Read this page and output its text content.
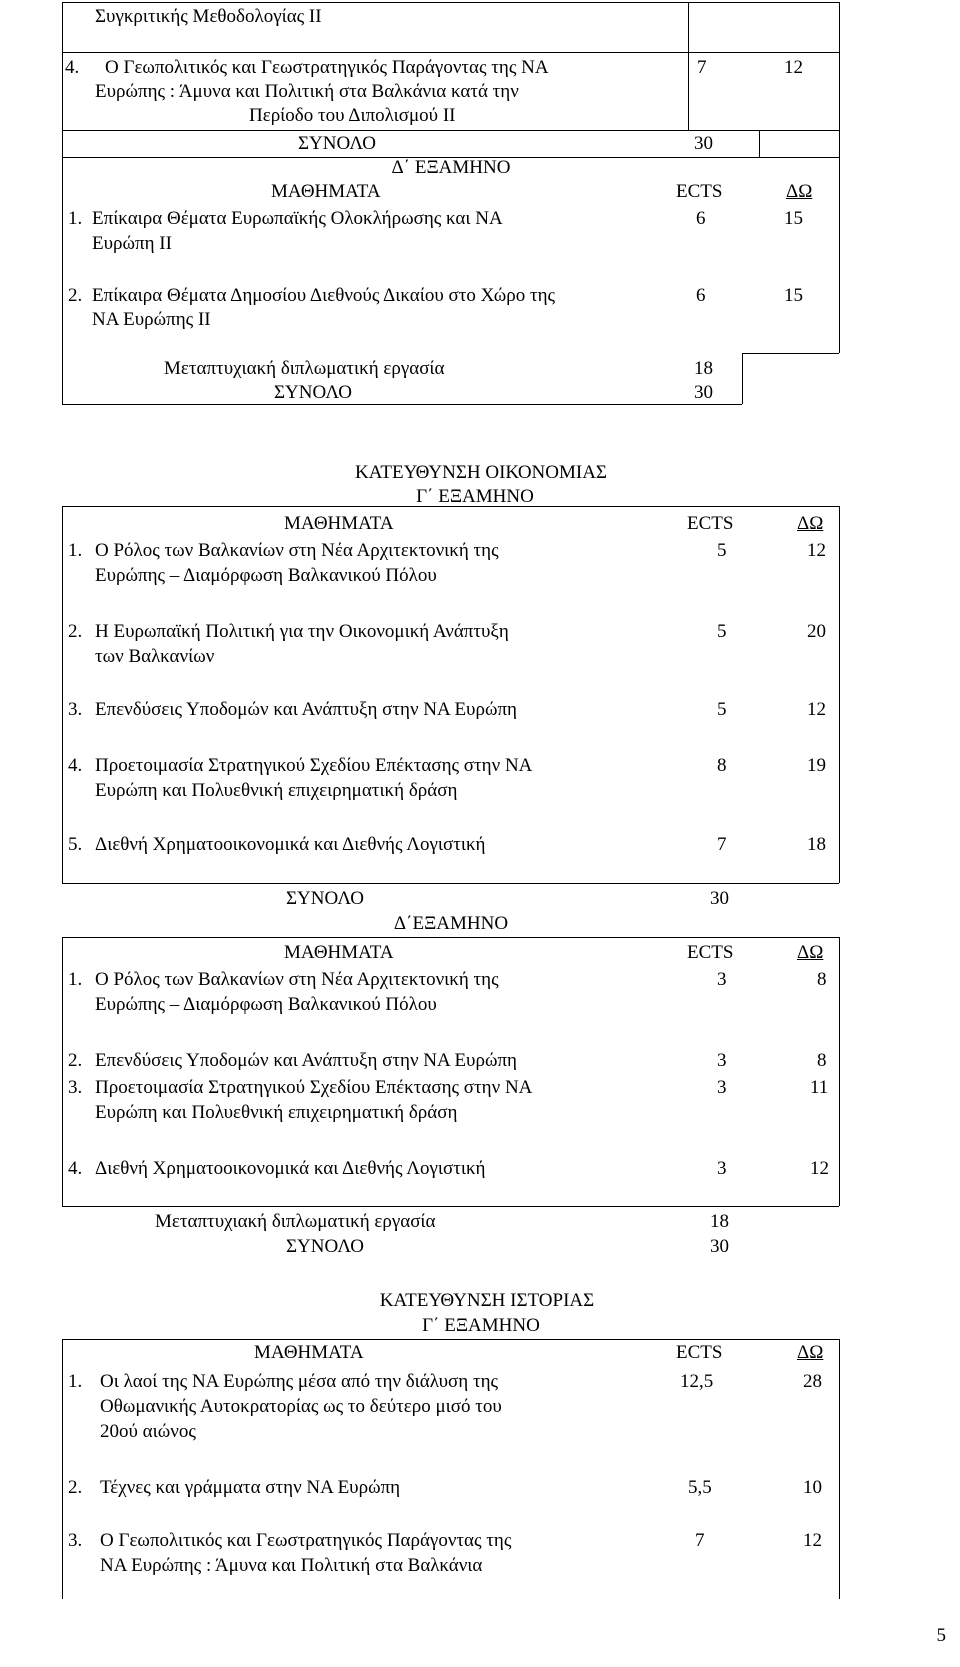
Συγκριτικής Μεθοδολογίας ΙΙ
4. Ο Γεωπολιτικός και Γεωστρατηγικός Παράγοντας της ΝΑ
Ευρώπης : Άμυνα και Πολιτική στα Βαλκάνια κατά την
Περίοδο του Διπολισμού ΙΙ
7	12
ΣΥΝΟΛΟ	30
Δ΄ ΕΞΑΜΗΝΟ
ΜΑΘΗΜΑΤΑ	ECTS	ΔΩ
1. Επίκαιρα Θέματα Ευρωπαϊκής Ολοκλήρωσης και ΝΑ
Ευρώπη ΙΙ
6	15
2. Επίκαιρα Θέματα Δημοσίου Διεθνούς Δικαίου στο Χώρο της
ΝΑ Ευρώπης ΙΙ
6	15
Μεταπτυχιακή διπλωματική εργασία	18
ΣΥΝΟΛΟ	30
ΚΑΤΕΥΘΥΝΣΗ ΟΙΚΟΝΟΜΙΑΣ
Γ΄ ΕΞΑΜΗΝΟ
ΜΑΘΗΜΑΤΑ	ECTS	ΔΩ
1. Ο Ρόλος των Βαλκανίων στη Νέα Αρχιτεκτονική της
Ευρώπης – Διαμόρφωση Βαλκανικού Πόλου
5	12
2. Η Ευρωπαϊκή Πολιτική για την Οικονομική Ανάπτυξη
των Βαλκανίων
5	20
3. Επενδύσεις Υποδομών και Ανάπτυξη στην ΝΑ Ευρώπη	5	12
4. Προετοιμασία Στρατηγικού Σχεδίου Επέκτασης στην ΝΑ
Ευρώπη και Πολυεθνική επιχειρηματική δράση
8	19
5. Διεθνή Χρηματοοικονομικά και Διεθνής Λογιστική	7	18
ΣΥΝΟΛΟ	30
Δ΄ΕΞΑΜΗΝΟ
ΜΑΘΗΜΑΤΑ	ECTS	ΔΩ
1. Ο Ρόλος των Βαλκανίων στη Νέα Αρχιτεκτονική της
Ευρώπης – Διαμόρφωση Βαλκανικού Πόλου
3	8
2. Επενδύσεις Υποδομών και Ανάπτυξη στην ΝΑ Ευρώπη	3	8
3. Προετοιμασία Στρατηγικού Σχεδίου Επέκτασης στην ΝΑ
Ευρώπη και Πολυεθνική επιχειρηματική δράση
3	11
4. Διεθνή Χρηματοοικονομικά και Διεθνής Λογιστική	3	12
Μεταπτυχιακή διπλωματική εργασία	18
ΣΥΝΟΛΟ	30
ΚΑΤΕΥΘΥΝΣΗ ΙΣΤΟΡΙΑΣ
Γ΄ ΕΞΑΜΗΝΟ
ΜΑΘΗΜΑΤΑ	ECTS	ΔΩ
1. Οι λαοί της ΝΑ Ευρώπης μέσα από την διάλυση της
Οθωμανικής Αυτοκρατορίας ως το δεύτερο μισό του
20ού αιώνος
12,5	28
2. Τέχνες και γράμματα στην ΝΑ Ευρώπη	5,5	10
3. Ο Γεωπολιτικός και Γεωστρατηγικός Παράγοντας της
ΝΑ Ευρώπης : Άμυνα και Πολιτική στα Βαλκάνια
7	12
5
